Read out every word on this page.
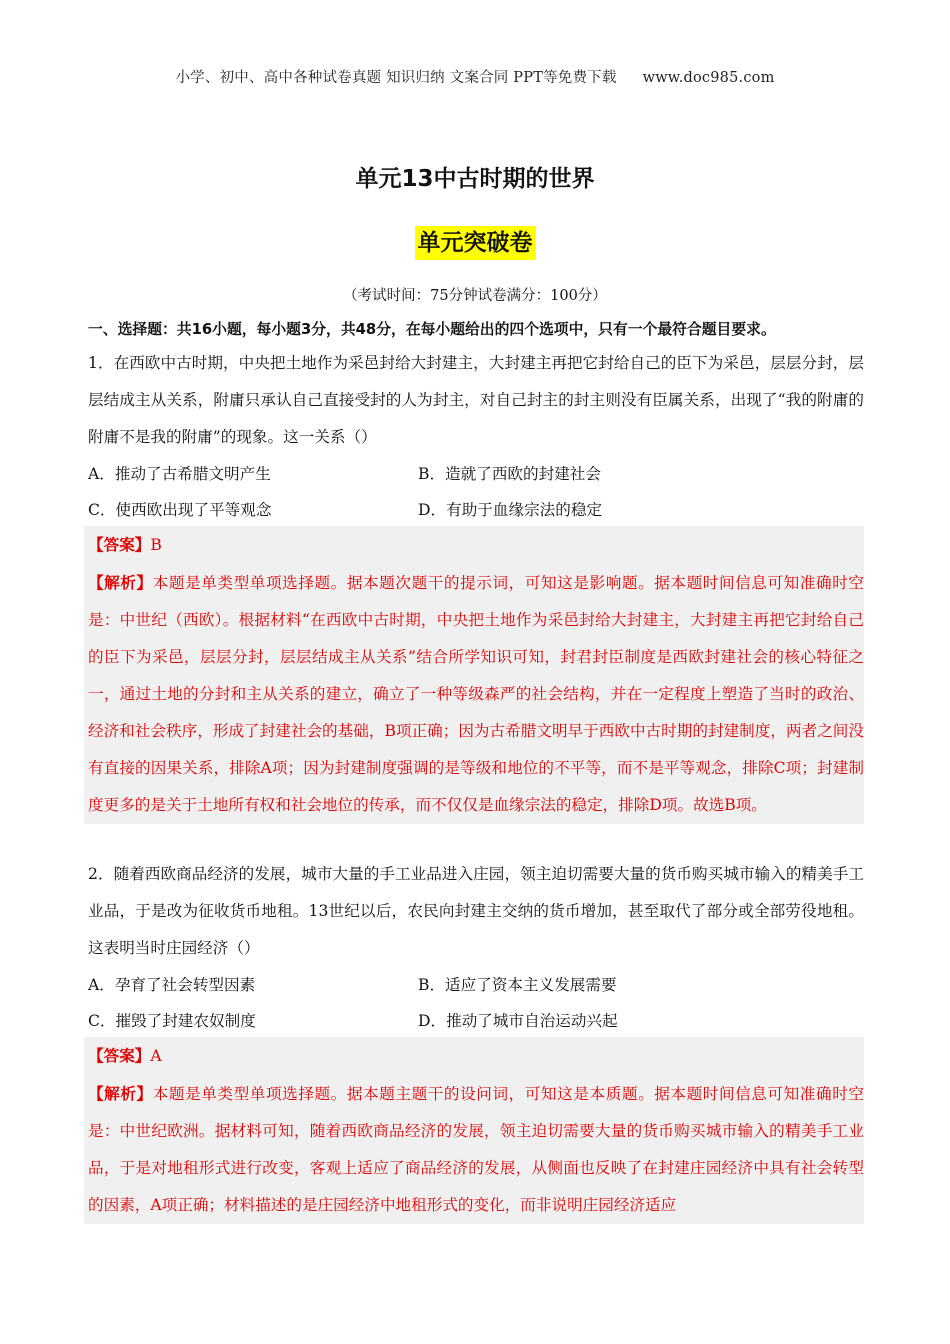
小学、初中、高中各种试卷真题 知识归纳 文案合同 PPT等免费下载 www.doc985.com
单元13中古时期的世界
单元突破卷
（考试时间：75分钟试卷满分：100分）
一、选择题：共16小题，每小题3分，共48分，在每小题给出的四个选项中，只有一个最符合题目要求。

1．在西欧中古时期，中央把土地作为采邑封给大封建主，大封建主再把它封给自己的臣下为采邑，层层分封，层层结成主从关系，附庸只承认自己直接受封的人为封主，对自己封主的封主则没有臣属关系，出现了“我的附庸的附庸不是我的附庸”的现象。这一关系（）

A．推动了古希腊文明产生	B．造就了西欧的封建社会
C．使西欧出现了平等观念	D．有助于血缘宗法的稳定

【答案】B

【解析】本题是单类型单项选择题。据本题次题干的提示词，可知这是影响题。据本题时间信息可知准确时空是：中世纪（西欧）。根据材料“在西欧中古时期，中央把土地作为采邑封给大封建主，大封建主再把它封给自己的臣下为采邑，层层分封，层层结成主从关系”结合所学知识可知，封君封臣制度是西欧封建社会的核心特征之一，通过土地的分封和主从关系的建立，确立了一种等级森严的社会结构，并在一定程度上塑造了当时的政治、经济和社会秩序，形成了封建社会的基础，B项正确；因为古希腊文明早于西欧中古时期的封建制度，两者之间没有直接的因果关系，排除A项；因为封建制度强调的是等级和地位的不平等，而不是平等观念，排除C项；封建制度更多的是关于土地所有权和社会地位的传承，而不仅仅是血缘宗法的稳定，排除D项。故选B项。

2．随着西欧商品经济的发展，城市大量的手工业品进入庄园，领主迫切需要大量的货币购买城市输入的精美手工业品，于是改为征收货币地租。13世纪以后，农民向封建主交纳的货币增加，甚至取代了部分或全部劳役地租。这表明当时庄园经济（）

A．孕育了社会转型因素	B．适应了资本主义发展需要
C．摧毁了封建农奴制度	D．推动了城市自治运动兴起

【答案】A

【解析】本题是单类型单项选择题。据本题主题干的设问词，可知这是本质题。据本题时间信息可知准确时空是：中世纪欧洲。据材料可知，随着西欧商品经济的发展，领主迫切需要大量的货币购买城市输入的精美手工业品，于是对地租形式进行改变，客观上适应了商品经济的发展，从侧面也反映了在封建庄园经济中具有社会转型的因素，A项正确；材料描述的是庄园经济中地租形式的变化，而非说明庄园经济适应
